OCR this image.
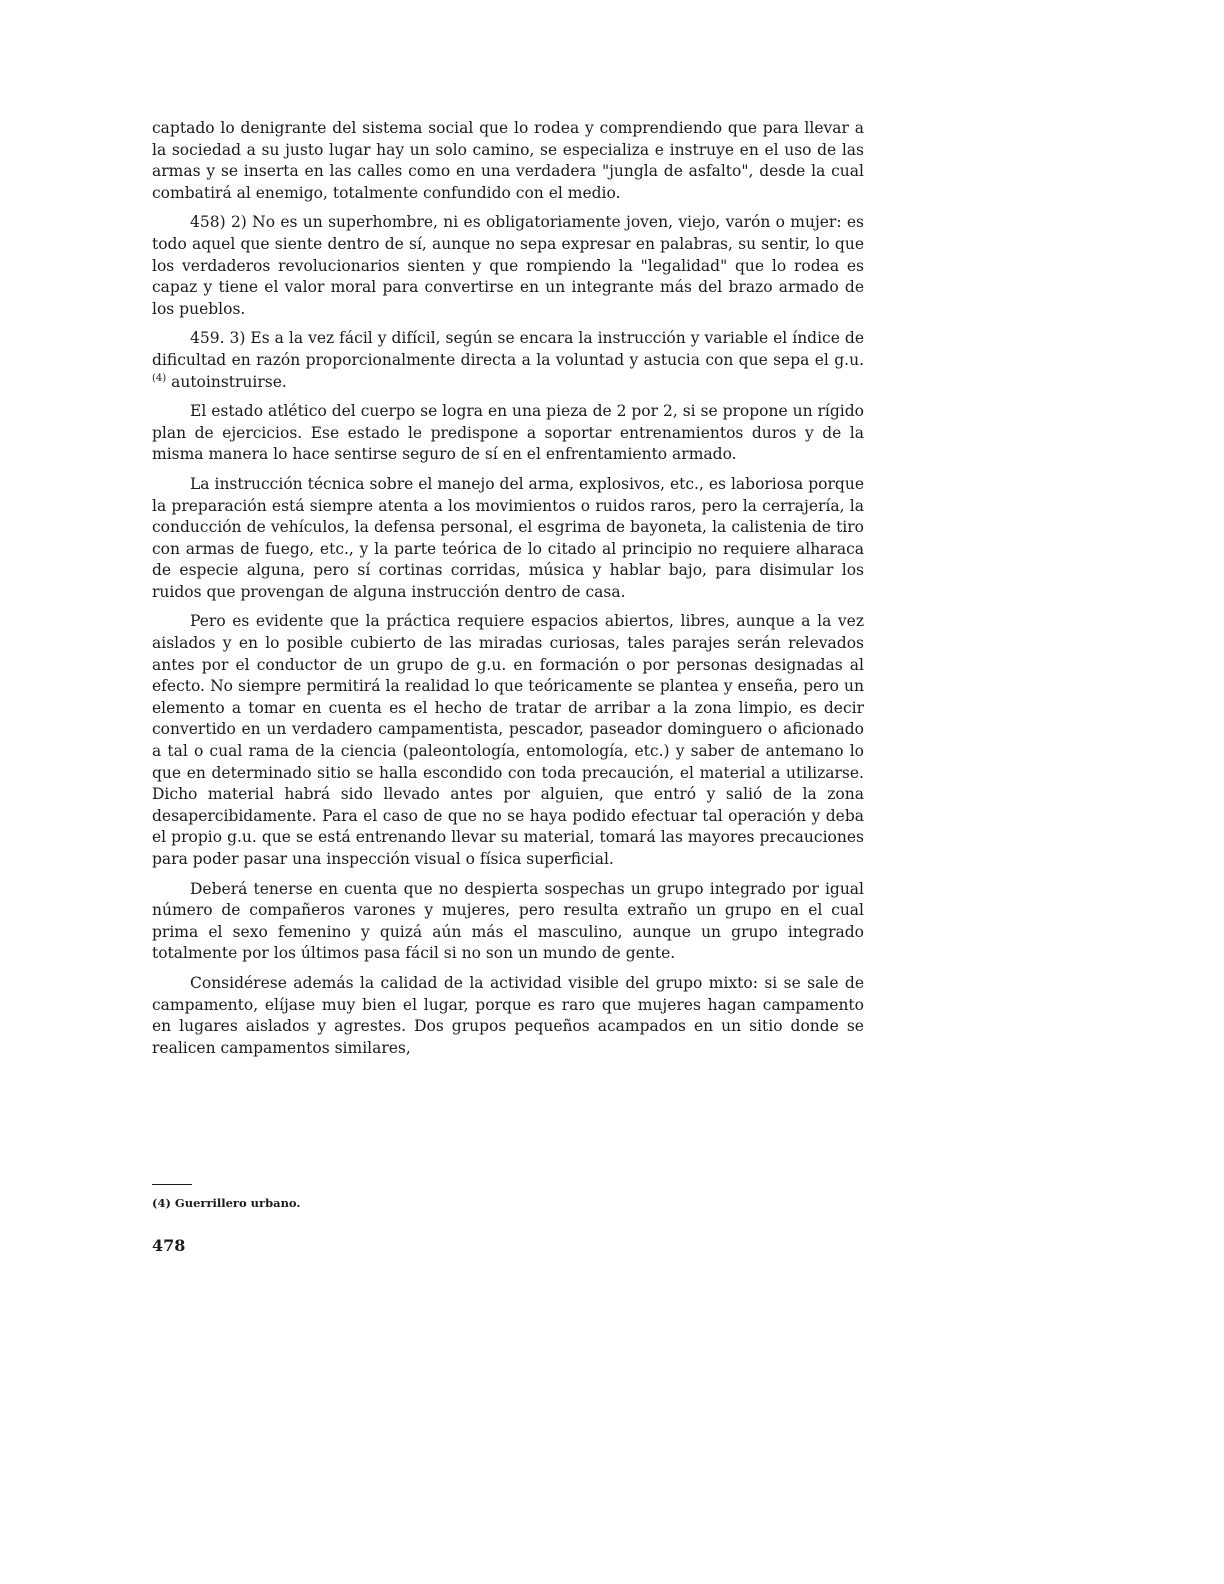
captado lo denigrante del sistema social que lo rodea y comprendiendo que para llevar a la sociedad a su justo lugar hay un solo camino, se especializa e instruye en el uso de las armas y se inserta en las calles como en una verdadera "jungla de asfalto", desde la cual combatirá al enemigo, totalmente confundido con el medio.

458) 2) No es un superhombre, ni es obligatoriamente joven, viejo, varón o mujer: es todo aquel que siente dentro de sí, aunque no sepa expresar en palabras, su sentir, lo que los verdaderos revolucionarios sienten y que rompiendo la "legalidad" que lo rodea es capaz y tiene el valor moral para convertirse en un integrante más del brazo armado de los pueblos.

459. 3) Es a la vez fácil y difícil, según se encara la instrucción y variable el índice de dificultad en razón proporcionalmente directa a la voluntad y astucia con que sepa el g.u. $^{(4)}$ autoinstruirse.

El estado atlético del cuerpo se logra en una pieza de 2 por 2, si se propone un rígido plan de ejercicios. Ese estado le predispone a soportar entrenamientos duros y de la misma manera lo hace sentirse seguro de sí en el enfrentamiento armado.

La instrucción técnica sobre el manejo del arma, explosivos, etc., es laboriosa porque la preparación está siempre atenta a los movimientos o ruidos raros, pero la cerrajería, la conducción de vehículos, la defensa personal, el esgrima de bayoneta, la calistenia de tiro con armas de fuego, etc., y la parte teórica de lo citado al principio no requiere alharaca de especie alguna, pero sí cortinas corridas, música y hablar bajo, para disimular los ruidos que provengan de alguna instrucción dentro de casa.

Pero es evidente que la práctica requiere espacios abiertos, libres, aunque a la vez aislados y en lo posible cubierto de las miradas curiosas, tales parajes serán relevados antes por el conductor de un grupo de g.u. en formación o por personas designadas al efecto. No siempre permitirá la realidad lo que teóricamente se plantea y enseña, pero un elemento a tomar en cuenta es el hecho de tratar de arribar a la zona limpio, es decir convertido en un verdadero campamentista, pescador, paseador dominguero o aficionado a tal o cual rama de la ciencia (paleontología, entomología, etc.) y saber de antemano lo que en determinado sitio se halla escondido con toda precaución, el material a utilizarse. Dicho material habrá sido llevado antes por alguien, que entró y salió de la zona desapercibidamente. Para el caso de que no se haya podido efectuar tal operación y deba el propio g.u. que se está entrenando llevar su material, tomará las mayores precauciones para poder pasar una inspección visual o física superficial.

Deberá tenerse en cuenta que no despierta sospechas un grupo integrado por igual número de compañeros varones y mujeres, pero resulta extraño un grupo en el cual prima el sexo femenino y quizá aún más el masculino, aunque un grupo integrado totalmente por los últimos pasa fácil si no son un mundo de gente.

Considérese además la calidad de la actividad visible del grupo mixto: si se sale de campamento, elíjase muy bien el lugar, porque es raro que mujeres hagan campamento en lugares aislados y agrestes. Dos grupos pequeños acampados en un sitio donde se realicen campamentos similares,

(4) Guerrillero urbano.
478
